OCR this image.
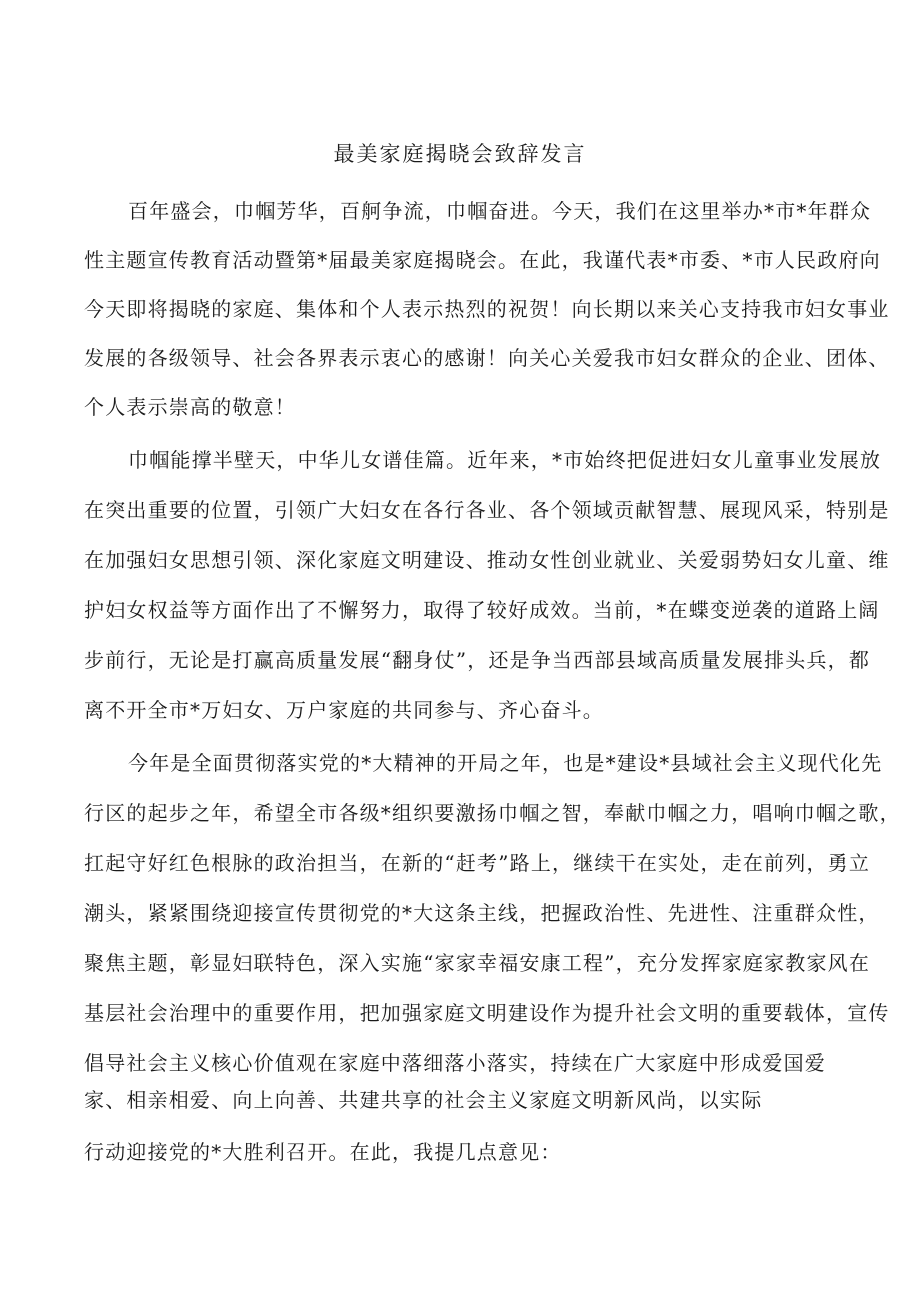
最美家庭揭晓会致辞发言
百年盛会，巾帼芳华，百舸争流，巾帼奋进。今天，我们在这里举办*市*年群众
性主题宣传教育活动暨第*届最美家庭揭晓会。在此，我谨代表*市委、*市人民政府向
今天即将揭晓的家庭、集体和个人表示热烈的祝贺！向长期以来关心支持我市妇女事业
发展的各级领导、社会各界表示衷心的感谢！向关心关爱我市妇女群众的企业、团体、
个人表示崇高的敬意！
巾帼能撑半壁天，中华儿女谱佳篇。近年来，*市始终把促进妇女儿童事业发展放
在突出重要的位置，引领广大妇女在各行各业、各个领域贡献智慧、展现风采，特别是
在加强妇女思想引领、深化家庭文明建设、推动女性创业就业、关爱弱势妇女儿童、维
护妇女权益等方面作出了不懈努力，取得了较好成效。当前，*在蝶变逆袭的道路上阔
步前行，无论是打赢高质量发展“翻身仗”，还是争当西部县域高质量发展排头兵，都
离不开全市*万妇女、万户家庭的共同参与、齐心奋斗。
今年是全面贯彻落实党的*大精神的开局之年，也是*建设*县域社会主义现代化先
行区的起步之年，希望全市各级*组织要激扬巾帼之智，奉献巾帼之力，唱响巾帼之歌，
扛起守好红色根脉的政治担当，在新的“赶考”路上，继续干在实处，走在前列，勇立
潮头，紧紧围绕迎接宣传贯彻党的*大这条主线，把握政治性、先进性、注重群众性，
聚焦主题，彰显妇联特色，深入实施“家家幸福安康工程”，充分发挥家庭家教家风在
基层社会治理中的重要作用，把加强家庭文明建设作为提升社会文明的重要载体，宣传
倡导社会主义核心价值观在家庭中落细落小落实，持续在广大家庭中形成爱国爱
家、相亲相爱、向上向善、共建共享的社会主义家庭文明新风尚，以实际
行动迎接党的*大胜利召开。在此，我提几点意见：
